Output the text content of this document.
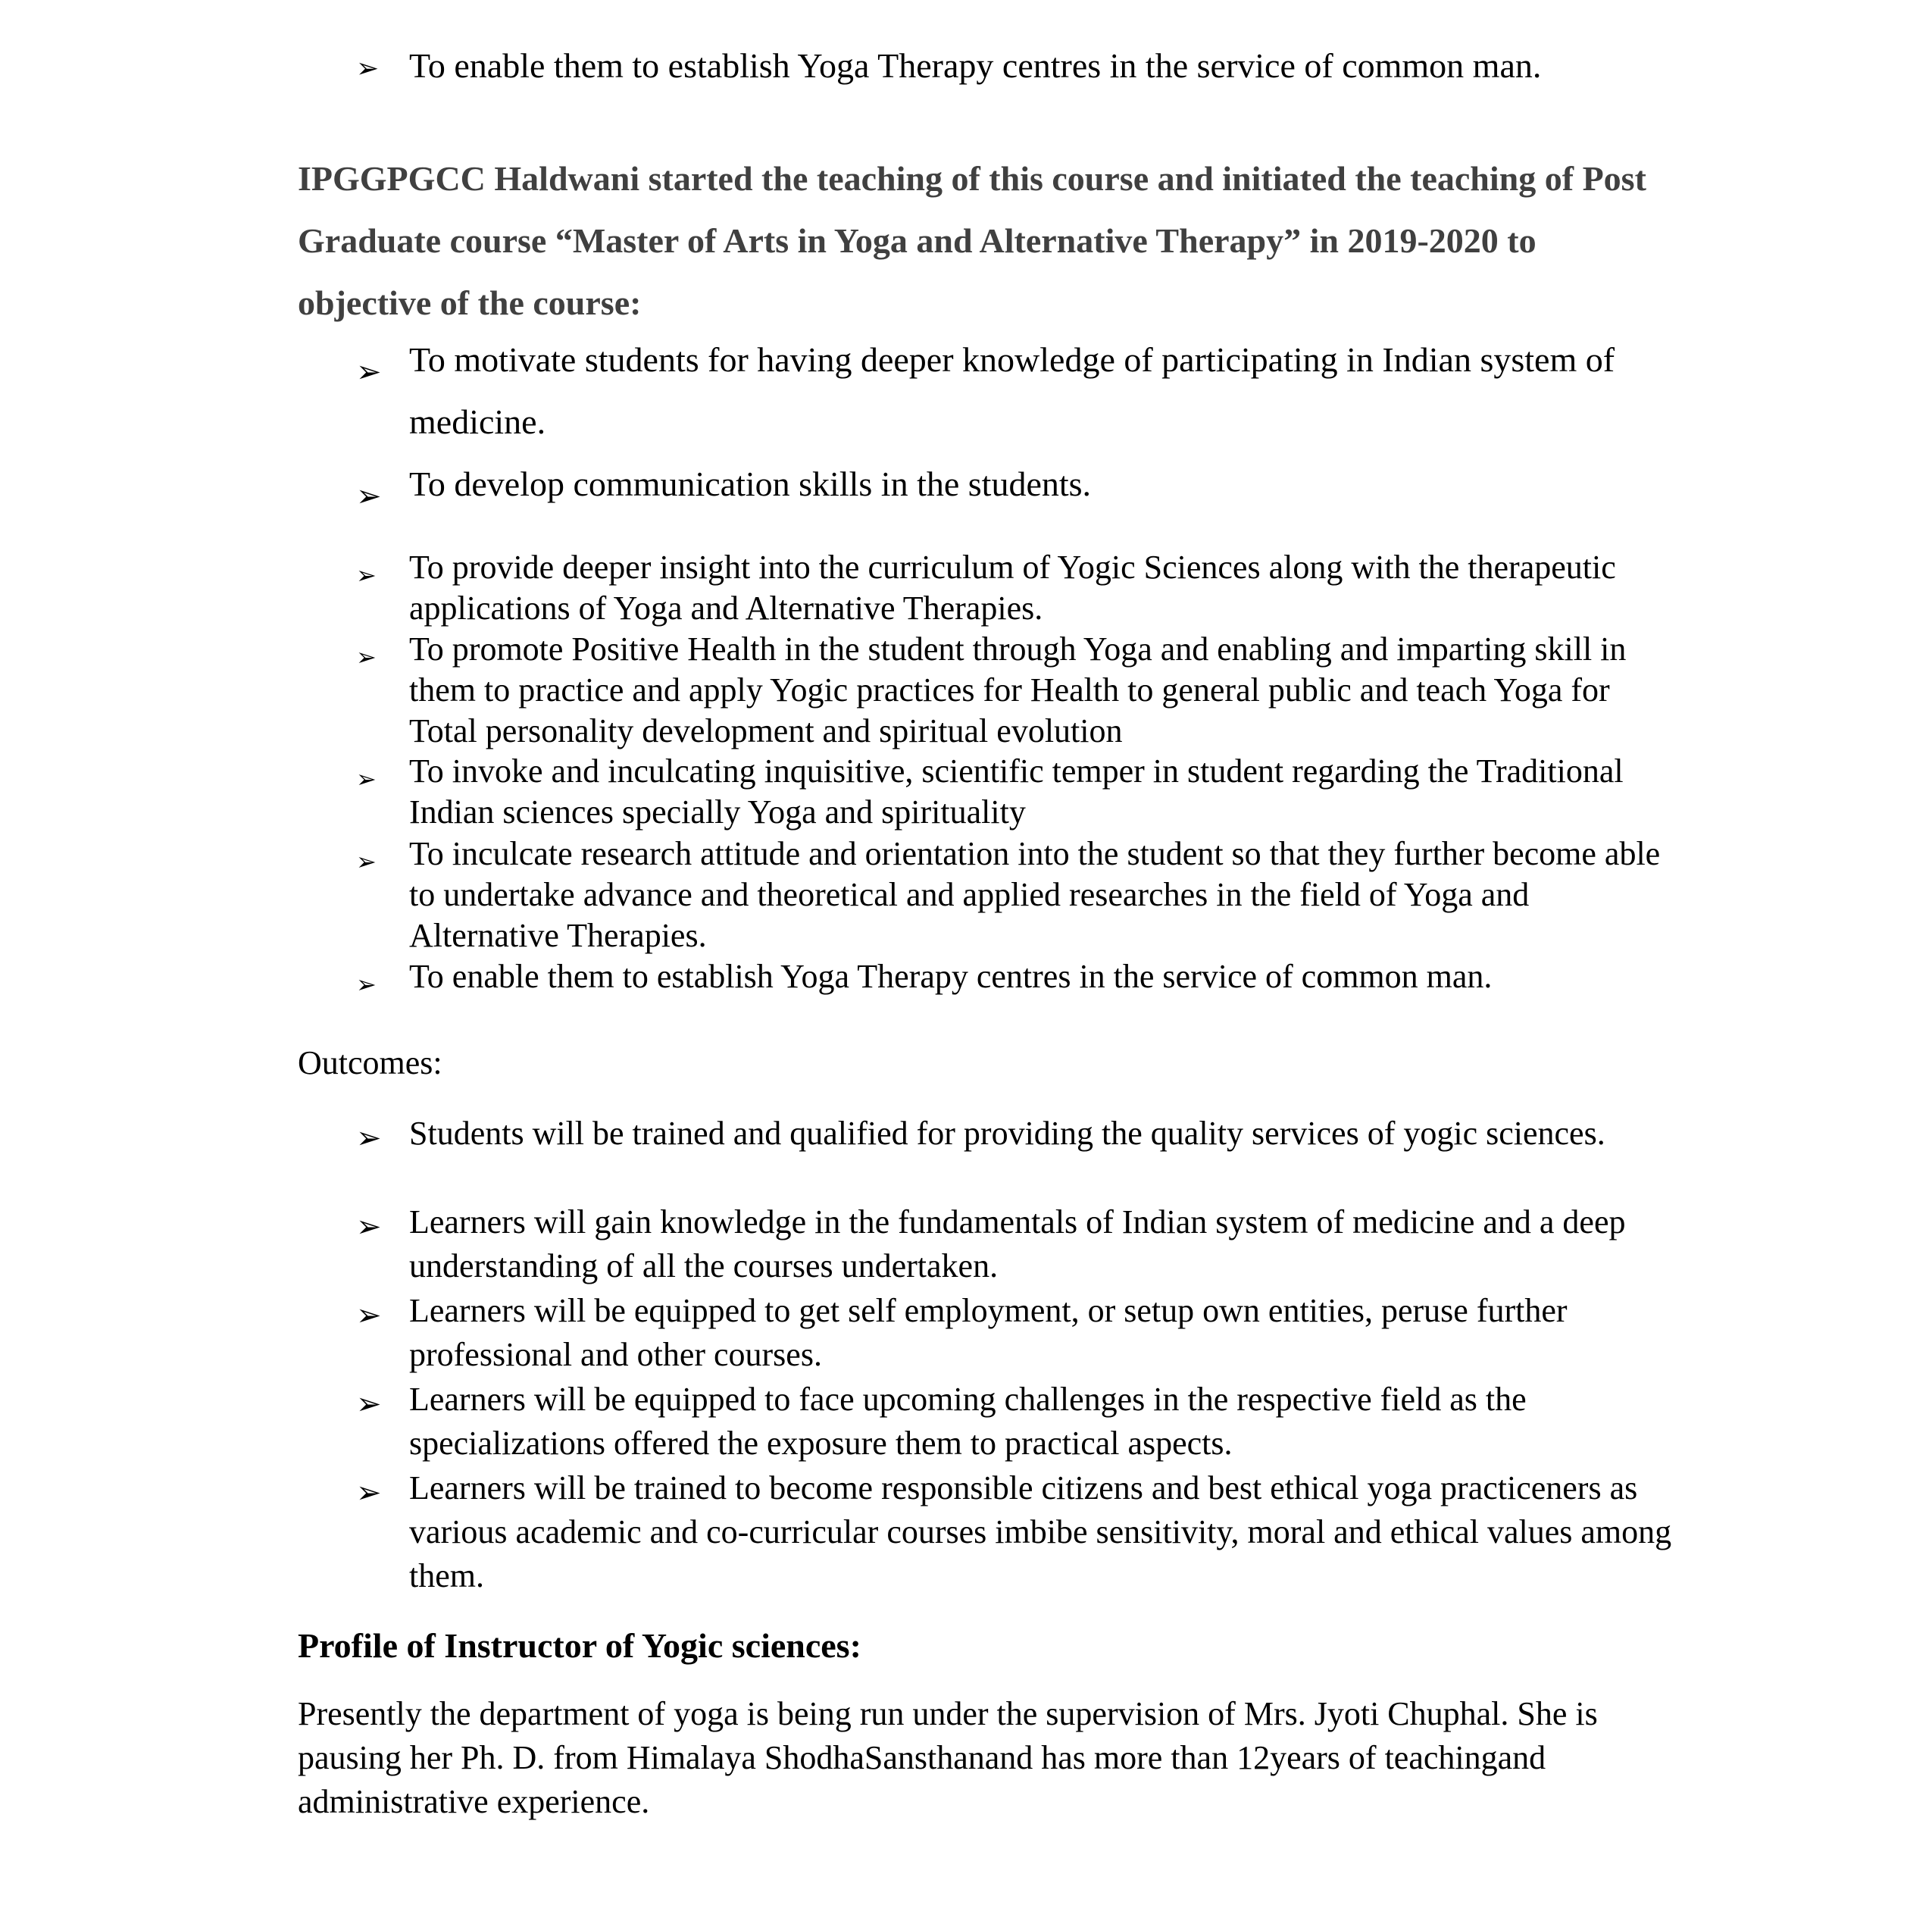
➢ To enable them to establish Yoga Therapy centres in the service of common man.
IPGGPGCC Haldwani started the teaching of this course and initiated the teaching of Post Graduate course “Master of Arts in Yoga and Alternative Therapy” in 2019-2020 to objective of the course:
➢ To motivate students for having deeper knowledge of participating in Indian system of medicine.
➢ To develop communication skills in the students.
➢ To provide deeper insight into the curriculum of Yogic Sciences along with the therapeutic applications of Yoga and Alternative Therapies.
➢ To promote Positive Health in the student through Yoga and enabling and imparting skill in them to practice and apply Yogic practices for Health to general public and teach Yoga for Total personality development and spiritual evolution
➢ To invoke and inculcating inquisitive, scientific temper in student regarding the Traditional Indian sciences specially Yoga and spirituality
➢ To inculcate research attitude and orientation into the student so that they further become able to undertake advance and theoretical and applied researches in the field of Yoga and Alternative Therapies.
➢ To enable them to establish Yoga Therapy centres in the service of common man.
Outcomes:
➢ Students will be trained and qualified for providing the quality services of yogic sciences.
➢ Learners will gain knowledge in the fundamentals of Indian system of medicine and a deep understanding of all the courses undertaken.
➢ Learners will be equipped to get self employment, or setup own entities, peruse further professional and other courses.
➢ Learners will be equipped to face upcoming challenges in the respective field as the specializations offered the exposure them to practical aspects.
➢ Learners will be trained to become responsible citizens and best ethical yoga practiceners as various academic and co-curricular courses imbibe sensitivity, moral and ethical values among them.
Profile of Instructor of Yogic sciences:
Presently the department of yoga is being run under the supervision of Mrs. Jyoti Chuphal. She is pausing her Ph. D. from Himalaya ShodhaSansthanand has more than 12years of teachingand administrative experience.
